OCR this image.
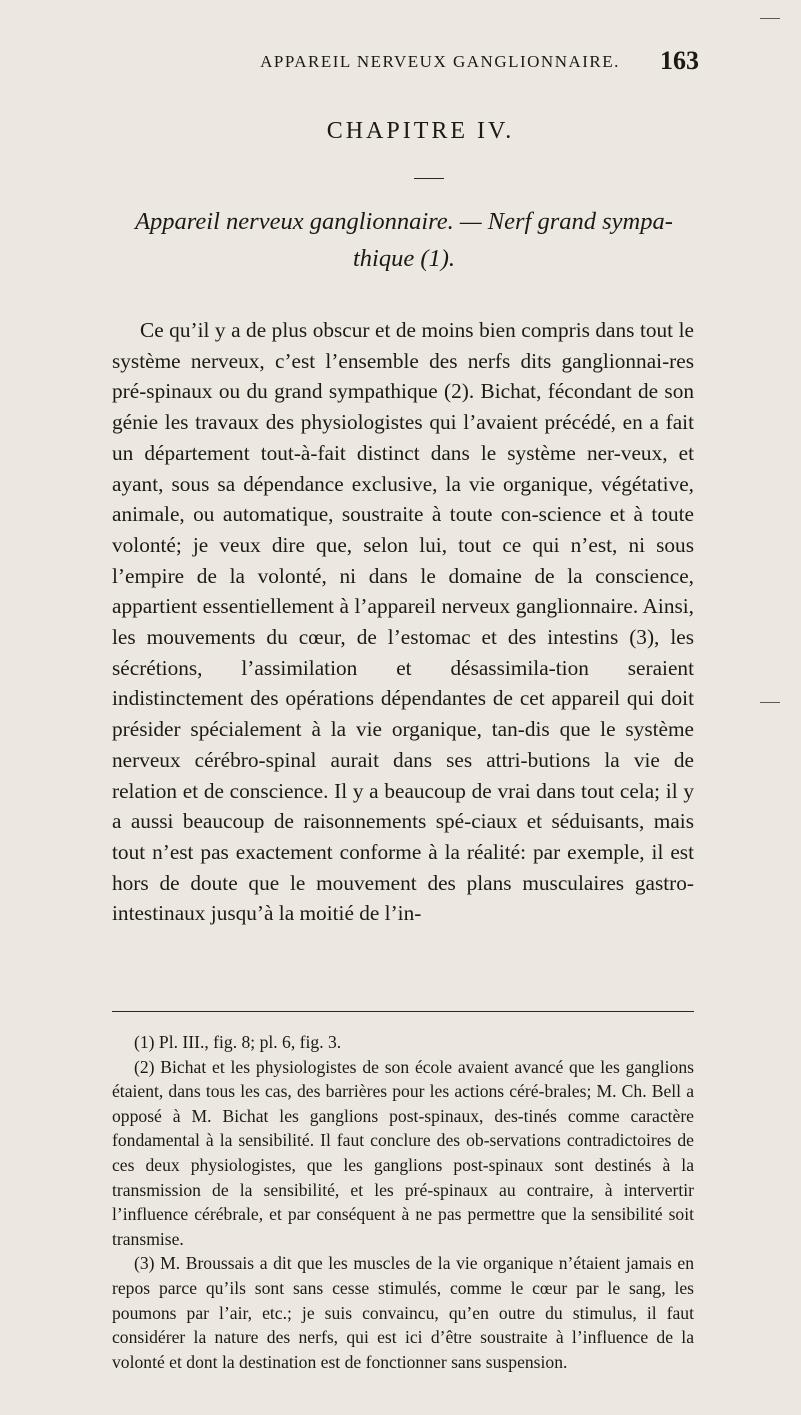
APPAREIL NERVEUX GANGLIONNAIRE.	163
CHAPITRE IV.
Appareil nerveux ganglionnaire. — Nerf grand sympa-
thique (1).

Ce qu’il y a de plus obscur et de moins bien compris dans tout le système nerveux, c’est l’ensemble des nerfs dits ganglionnai-res pré-spinaux ou du grand sympathique (2). Bichat, fécondant de son génie les travaux des physiologistes qui l’avaient précédé, en a fait un département tout-à-fait distinct dans le système ner-veux, et ayant, sous sa dépendance exclusive, la vie organique, végétative, animale, ou automatique, soustraite à toute con-science et à toute volonté; je veux dire que, selon lui, tout ce qui n’est, ni sous l’empire de la volonté, ni dans le domaine de la conscience, appartient essentiellement à l’appareil nerveux ganglionnaire. Ainsi, les mouvements du cœur, de l’estomac et des intestins (3), les sécrétions, l’assimilation et désassimila-tion seraient indistinctement des opérations dépendantes de cet appareil qui doit présider spécialement à la vie organique, tan-dis que le système nerveux cérébro-spinal aurait dans ses attri-butions la vie de relation et de conscience. Il y a beaucoup de vrai dans tout cela; il y a aussi beaucoup de raisonnements spé-ciaux et séduisants, mais tout n’est pas exactement conforme à la réalité: par exemple, il est hors de doute que le mouvement des plans musculaires gastro-intestinaux jusqu’à la moitié de l’in-

(1) Pl. III., fig. 8; pl. 6, fig. 3.

(2) Bichat et les physiologistes de son école avaient avancé que les ganglions étaient, dans tous les cas, des barrières pour les actions céré-brales; M. Ch. Bell a opposé à M. Bichat les ganglions post-spinaux, des-tinés comme caractère fondamental à la sensibilité. Il faut conclure des ob-servations contradictoires de ces deux physiologistes, que les ganglions post-spinaux sont destinés à la transmission de la sensibilité, et les pré-spinaux au contraire, à intervertir l’influence cérébrale, et par conséquent à ne pas permettre que la sensibilité soit transmise.

(3) M. Broussais a dit que les muscles de la vie organique n’étaient jamais en repos parce qu’ils sont sans cesse stimulés, comme le cœur par le sang, les poumons par l’air, etc.; je suis convaincu, qu’en outre du stimulus, il faut considérer la nature des nerfs, qui est ici d’être soustraite à l’influence de la volonté et dont la destination est de fonctionner sans suspension.
